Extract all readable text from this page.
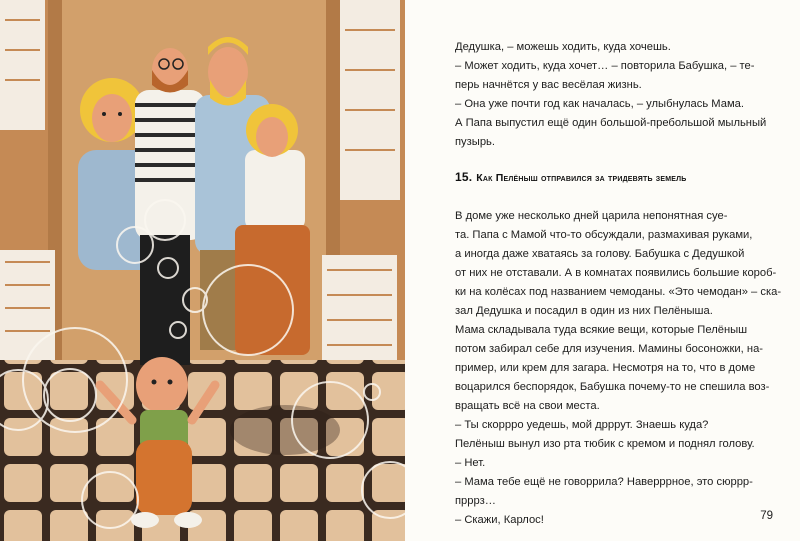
Дедушка, – можешь ходить, куда хочешь.

– Может ходить, куда хочет… – повторила Бабушка, – те-

перь начнётся у вас весёлая жизнь.

– Она уже почти год как началась, – улыбнулась Мама.

А Папа выпустил ещё один большой-пребольшой мыльный

пузырь.

15. Как Пелёныш отправился за тридевять земель

В доме уже несколько дней царила непонятная суе-

та. Папа с Мамой что-то обсуждали, размахивая руками,

а иногда даже хватаясь за голову. Бабушка с Дедушкой

от них не отставали. А в комнатах появились большие короб-

ки на колёсах под названием чемоданы. «Это чемодан» – ска-

зал Дедушка и посадил в один из них Пелёныша.

Мама складывала туда всякие вещи, которые Пелёныш

потом забирал себе для изучения. Мамины босоножки, на-

пример, или крем для загара. Несмотря на то, что в доме

воцарился беспорядок, Бабушка почему-то не спешила воз-

вращать всё на свои места.

– Ты скоррро уедешь, мой дрррут. Знаешь куда?

Пелёныш вынул изо рта тюбик с кремом и поднял голову.

– Нет.

– Мама тебе ещё не говоррила? Наверррное, это сюррр-

прррз…

– Скажи, Карлос!	79
